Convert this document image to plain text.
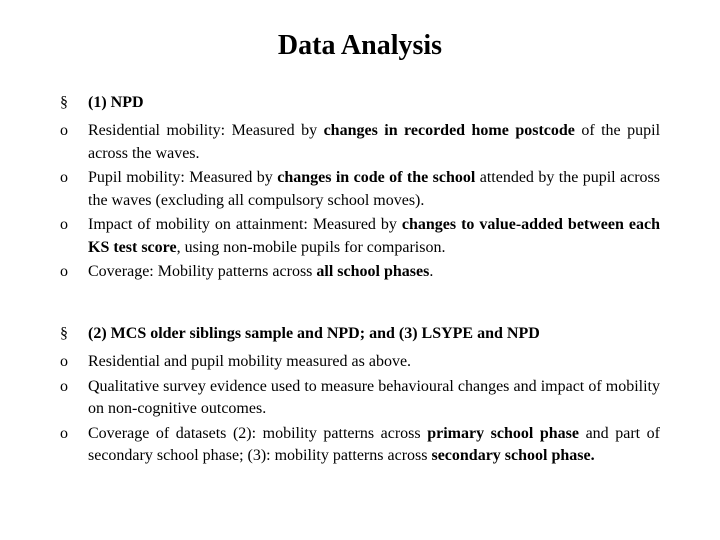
Data Analysis
§	(1) NPD
o	Residential mobility: Measured by changes in recorded home postcode of the pupil across the waves.
o	Pupil mobility: Measured by changes in code of the school attended by the pupil across the waves (excluding all compulsory school moves).
o	Impact of mobility on attainment: Measured by changes to value-added between each KS test score, using non-mobile pupils for comparison.
o	Coverage: Mobility patterns across all school phases.
§	(2) MCS older siblings sample and NPD; and (3) LSYPE and NPD
o	Residential and pupil mobility measured as above.
o	Qualitative survey evidence used to measure behavioural changes and impact of mobility on non-cognitive outcomes.
o	Coverage of datasets (2): mobility patterns across primary school phase and part of secondary school phase; (3): mobility patterns across secondary school phase.
